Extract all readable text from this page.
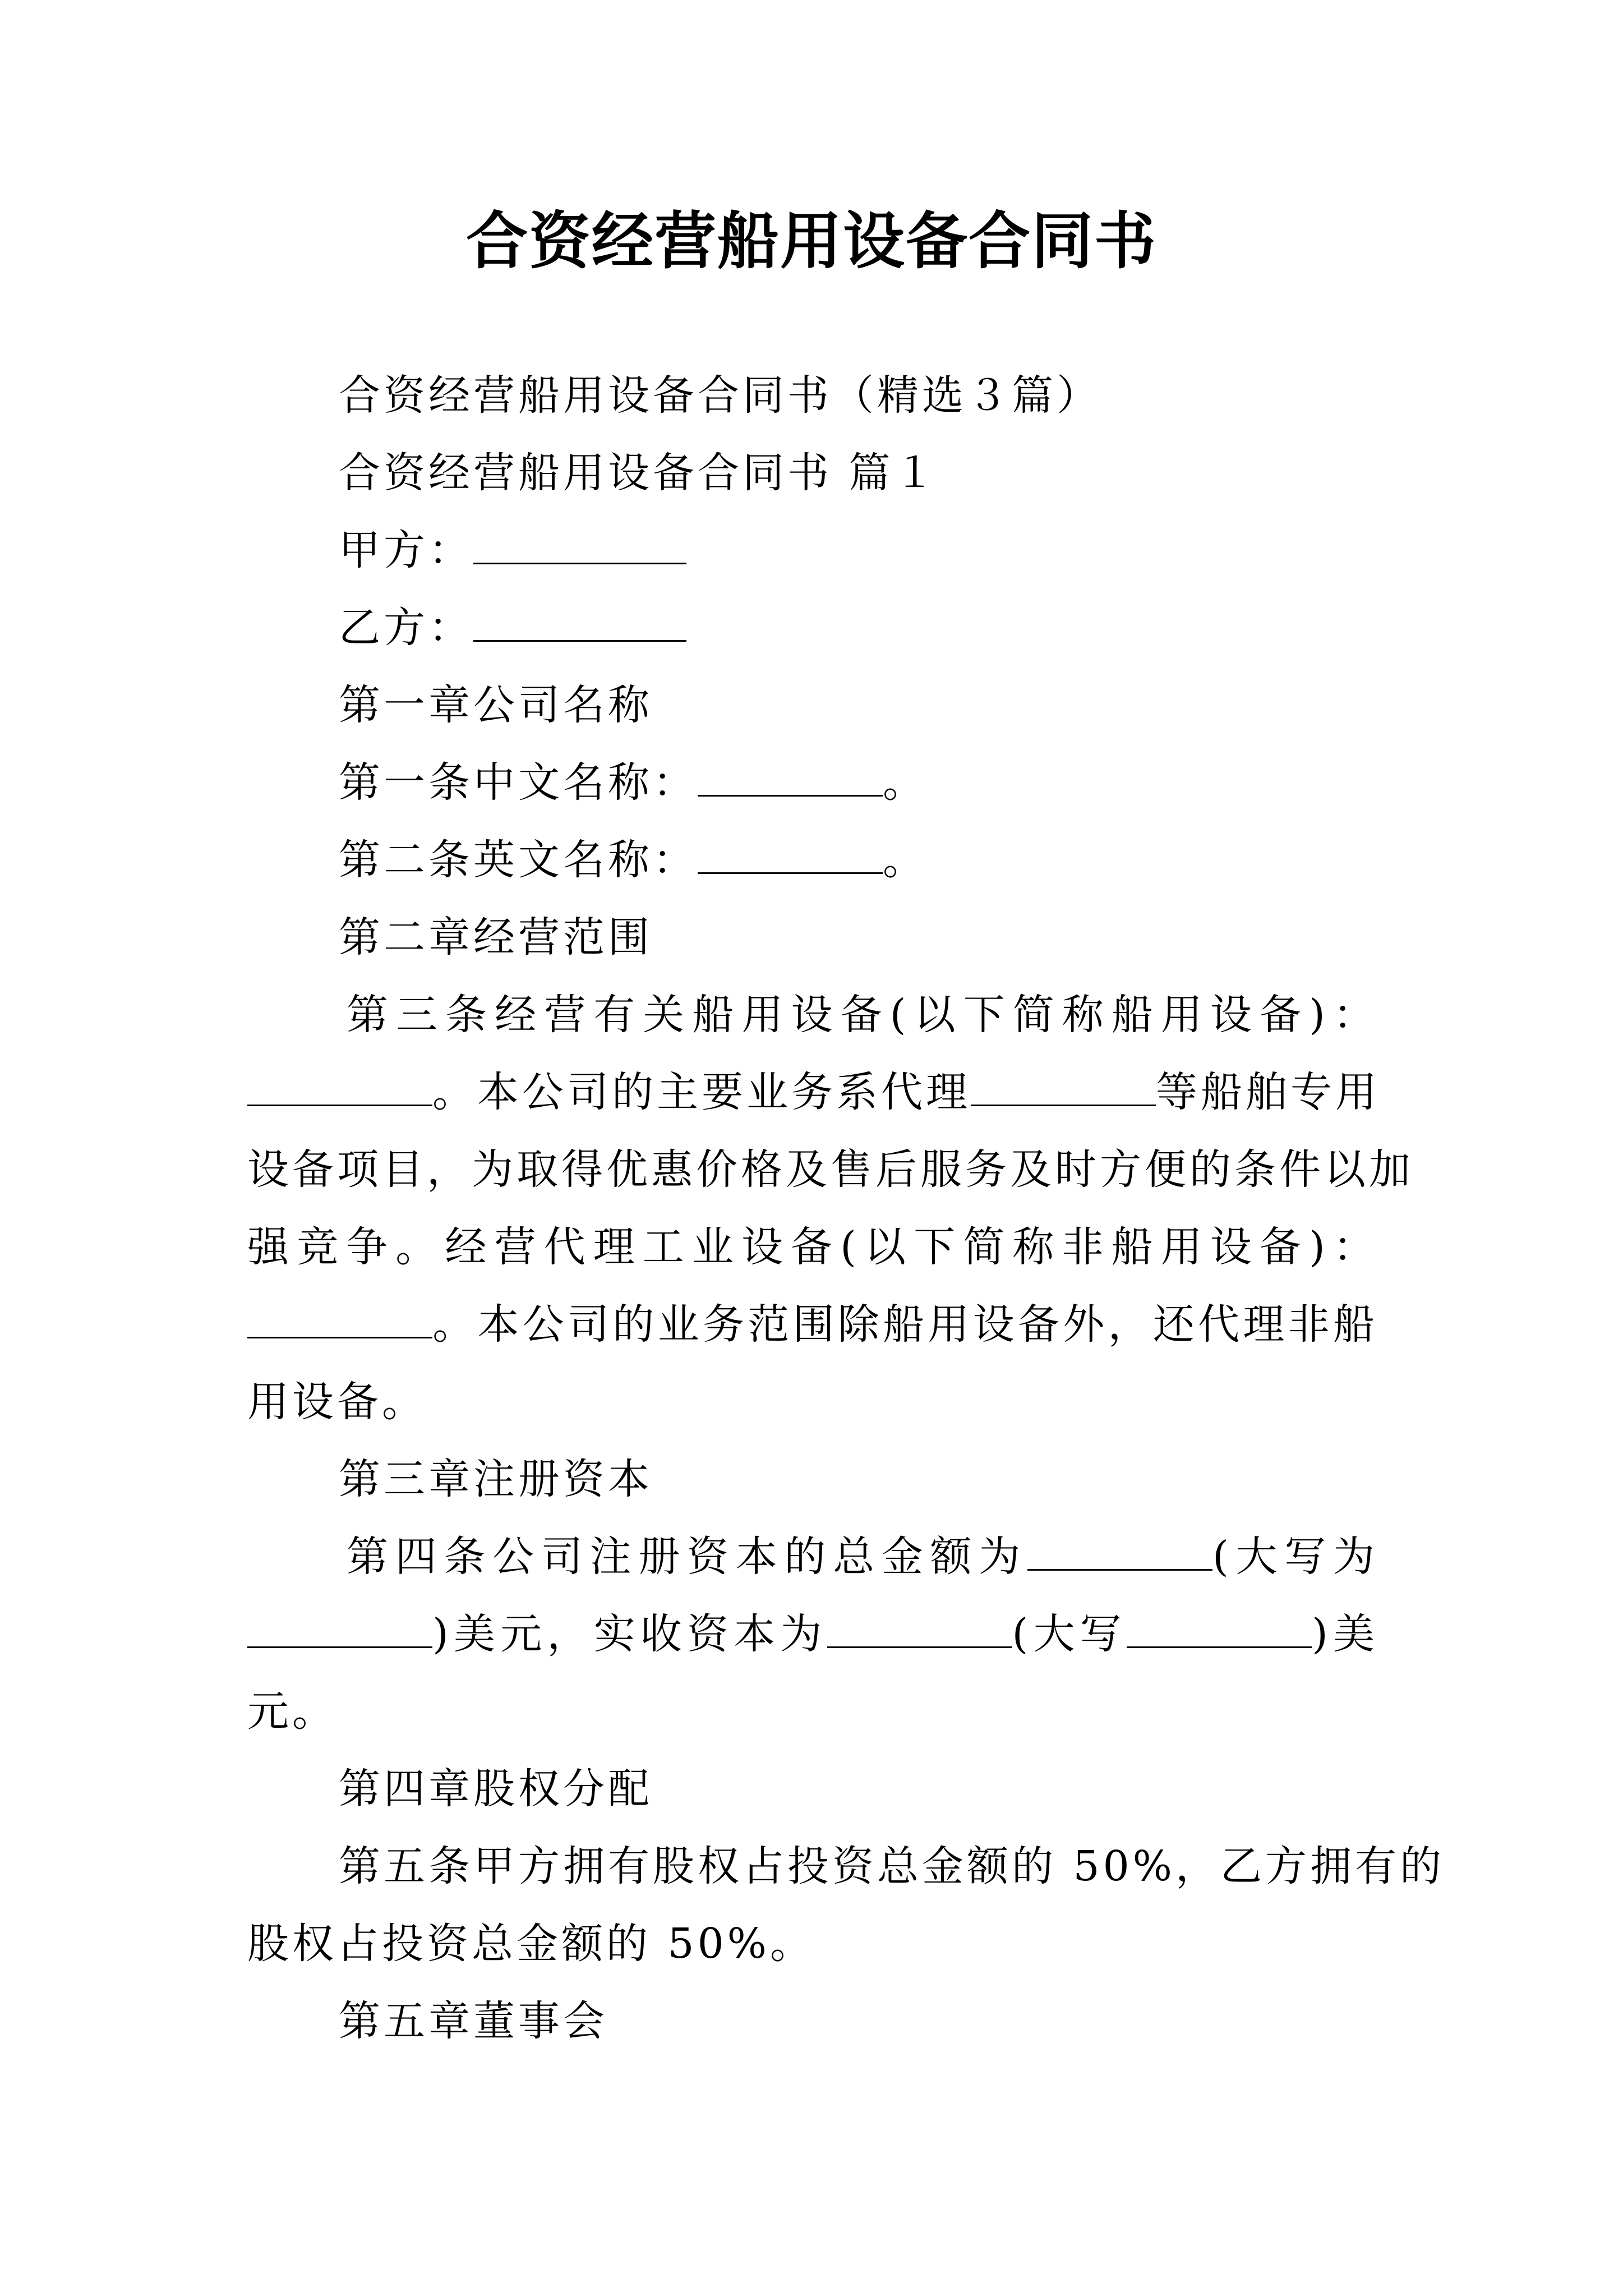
合资经营船用设备合同书
合资经营船用设备合同书（精选３篇）
合资经营船用设备合同书 篇１
甲方：
乙方：
第一章公司名称
第一条中文名称：	。
第二条英文名称：	。
第二章经营范围
第三条经营有关船用设备(以下简称船用设备)：
。本公司的主要业务系代理	等船舶专用
设备项目，为取得优惠价格及售后服务及时方便的条件以加
强竞争。经营代理工业设备(以下简称非船用设备)：
。本公司的业务范围除船用设备外，还代理非船
用设备。
第三章注册资本
第四条公司注册资本的总金额为	(大写为
)美元，实收资本为	(大写	)美
元。
第四章股权分配
第五条甲方拥有股权占投资总金额的 50%，乙方拥有的
股权占投资总金额的 50%。
第五章董事会
